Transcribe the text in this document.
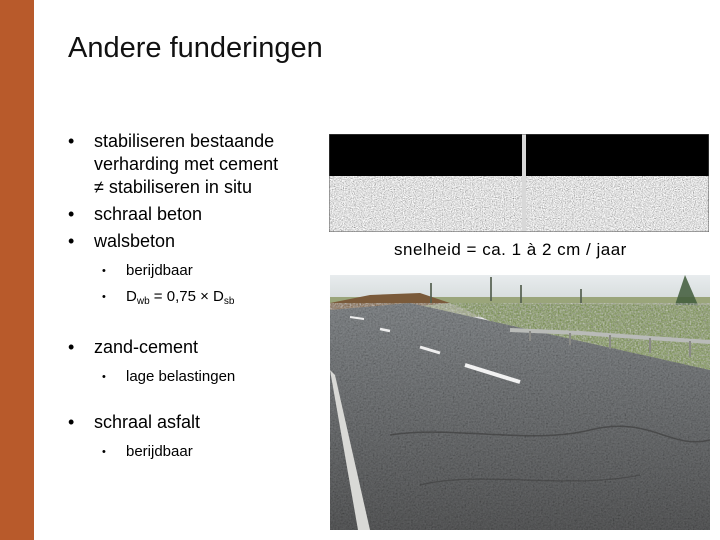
Andere funderingen
• stabiliseren bestaande
verharding met cement
≠ stabiliseren in situ
• schraal beton
• walsbeton
• berijdbaar
• $D_{wb} = 0,75 \times D_{sb}$
• zand-cement
• lage belastingen
• schraal asfalt
• berijdbaar
snelheid = ca. 1 à 2 cm / jaar
